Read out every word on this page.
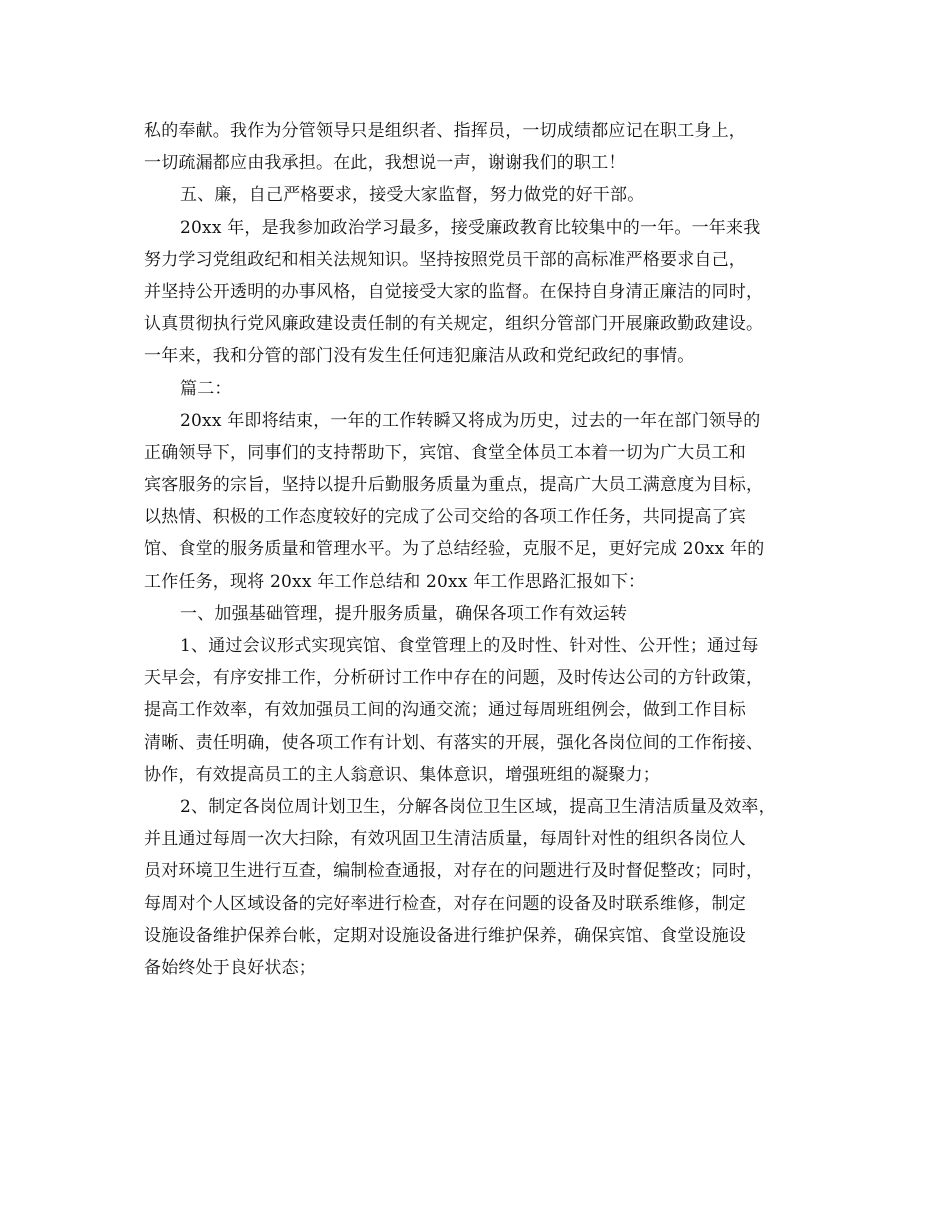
私的奉献。我作为分管领导只是组织者、指挥员，一切成绩都应记在职工身上，
一切疏漏都应由我承担。在此，我想说一声，谢谢我们的职工！
五、廉，自己严格要求，接受大家监督，努力做党的好干部。
20xx 年，是我参加政治学习最多，接受廉政教育比较集中的一年。一年来我
努力学习党组政纪和相关法规知识。坚持按照党员干部的高标准严格要求自己，
并坚持公开透明的办事风格，自觉接受大家的监督。在保持自身清正廉洁的同时，
认真贯彻执行党风廉政建设责任制的有关规定，组织分管部门开展廉政勤政建设。
一年来，我和分管的部门没有发生任何违犯廉洁从政和党纪政纪的事情。
篇二：
20xx 年即将结束，一年的工作转瞬又将成为历史，过去的一年在部门领导的
正确领导下，同事们的支持帮助下，宾馆、食堂全体员工本着一切为广大员工和
宾客服务的宗旨，坚持以提升后勤服务质量为重点，提高广大员工满意度为目标，
以热情、积极的工作态度较好的完成了公司交给的各项工作任务，共同提高了宾
馆、食堂的服务质量和管理水平。为了总结经验，克服不足，更好完成 20xx 年的
工作任务，现将 20xx 年工作总结和 20xx 年工作思路汇报如下：
一、加强基础管理，提升服务质量，确保各项工作有效运转
1、通过会议形式实现宾馆、食堂管理上的及时性、针对性、公开性；通过每
天早会，有序安排工作，分析研讨工作中存在的问题，及时传达公司的方针政策，
提高工作效率，有效加强员工间的沟通交流；通过每周班组例会，做到工作目标
清晰、责任明确，使各项工作有计划、有落实的开展，强化各岗位间的工作衔接、
协作，有效提高员工的主人翁意识、集体意识，增强班组的凝聚力；
2、制定各岗位周计划卫生，分解各岗位卫生区域，提高卫生清洁质量及效率，
并且通过每周一次大扫除，有效巩固卫生清洁质量，每周针对性的组织各岗位人
员对环境卫生进行互查，编制检查通报，对存在的问题进行及时督促整改；同时，
每周对个人区域设备的完好率进行检查，对存在问题的设备及时联系维修，制定
设施设备维护保养台帐，定期对设施设备进行维护保养，确保宾馆、食堂设施设
备始终处于良好状态；
